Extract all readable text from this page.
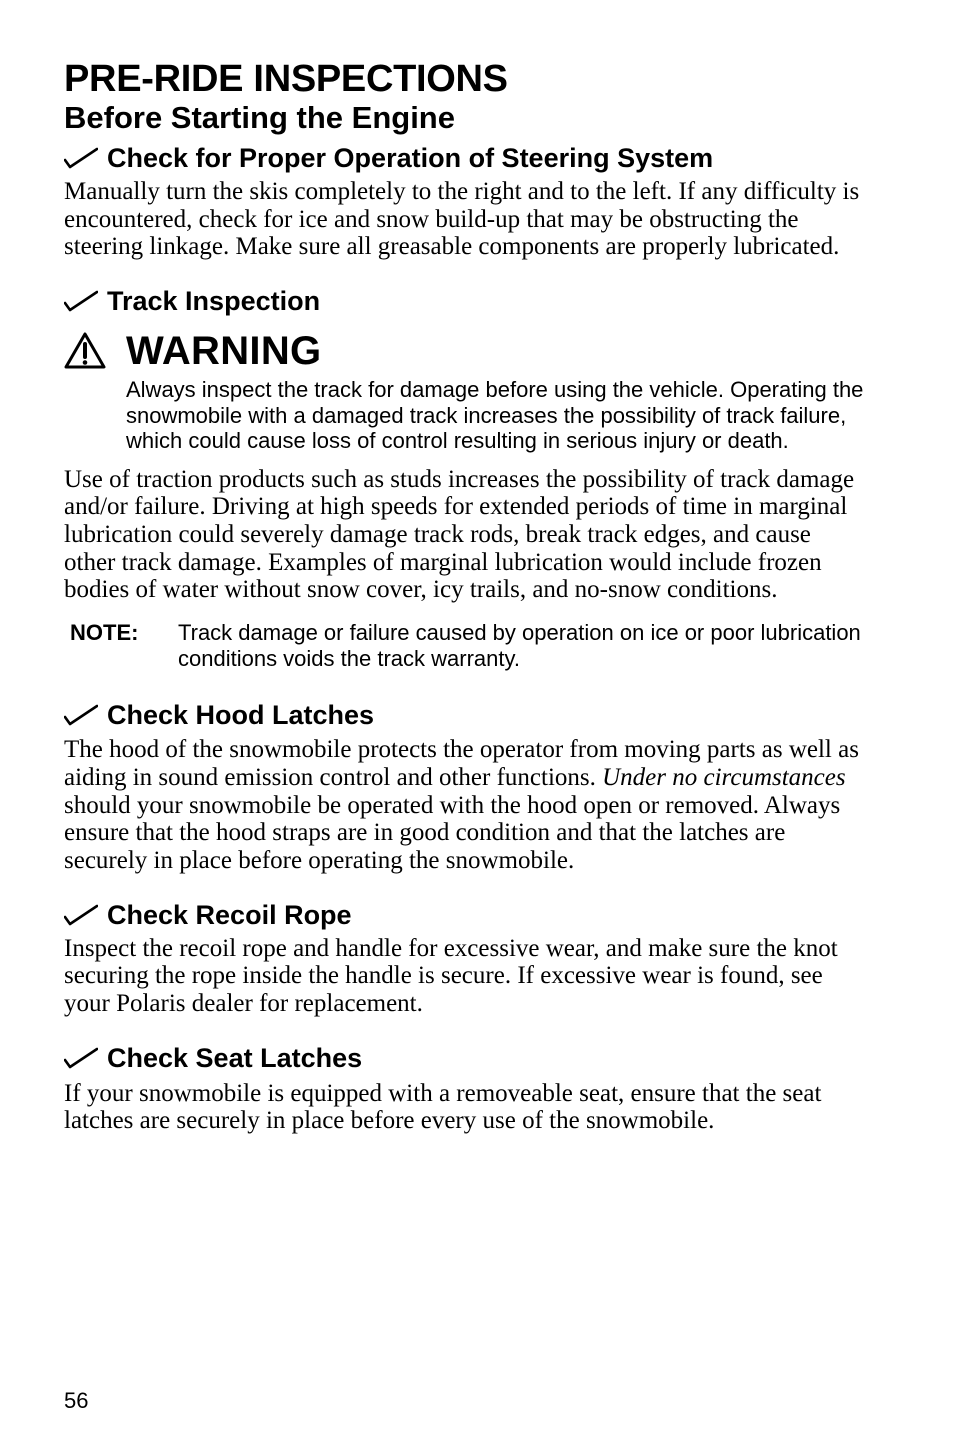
PRE-RIDE INSPECTIONS
Before Starting the Engine
Check for Proper Operation of Steering System

Manually turn the skis completely to the right and to the left. If any difficulty is encountered, check for ice and snow build-up that may be obstructing the steering linkage. Make sure all greasable components are properly lubricated.

Track Inspection
WARNING

Always inspect the track for damage before using the vehicle. Operating the snowmobile with a damaged track increases the possibility of track failure, which could cause loss of control resulting in serious injury or death.

Use of traction products such as studs increases the possibility of track damage and/or failure. Driving at high speeds for extended periods of time in marginal lubrication could severely damage track rods, break track edges, and cause other track damage. Examples of marginal lubrication would include frozen bodies of water without snow cover, icy trails, and no-snow conditions.

NOTE:	Track damage or failure caused by operation on ice or poor lubrication conditions voids the track warranty.
Check Hood Latches

The hood of the snowmobile protects the operator from moving parts as well as aiding in sound emission control and other functions. Under no circumstances should your snowmobile be operated with the hood open or removed. Always ensure that the hood straps are in good condition and that the latches are securely in place before operating the snowmobile.

Check Recoil Rope

Inspect the recoil rope and handle for excessive wear, and make sure the knot securing the rope inside the handle is secure. If excessive wear is found, see your Polaris dealer for replacement.

Check Seat Latches

If your snowmobile is equipped with a removeable seat, ensure that the seat latches are securely in place before every use of the snowmobile.

56
